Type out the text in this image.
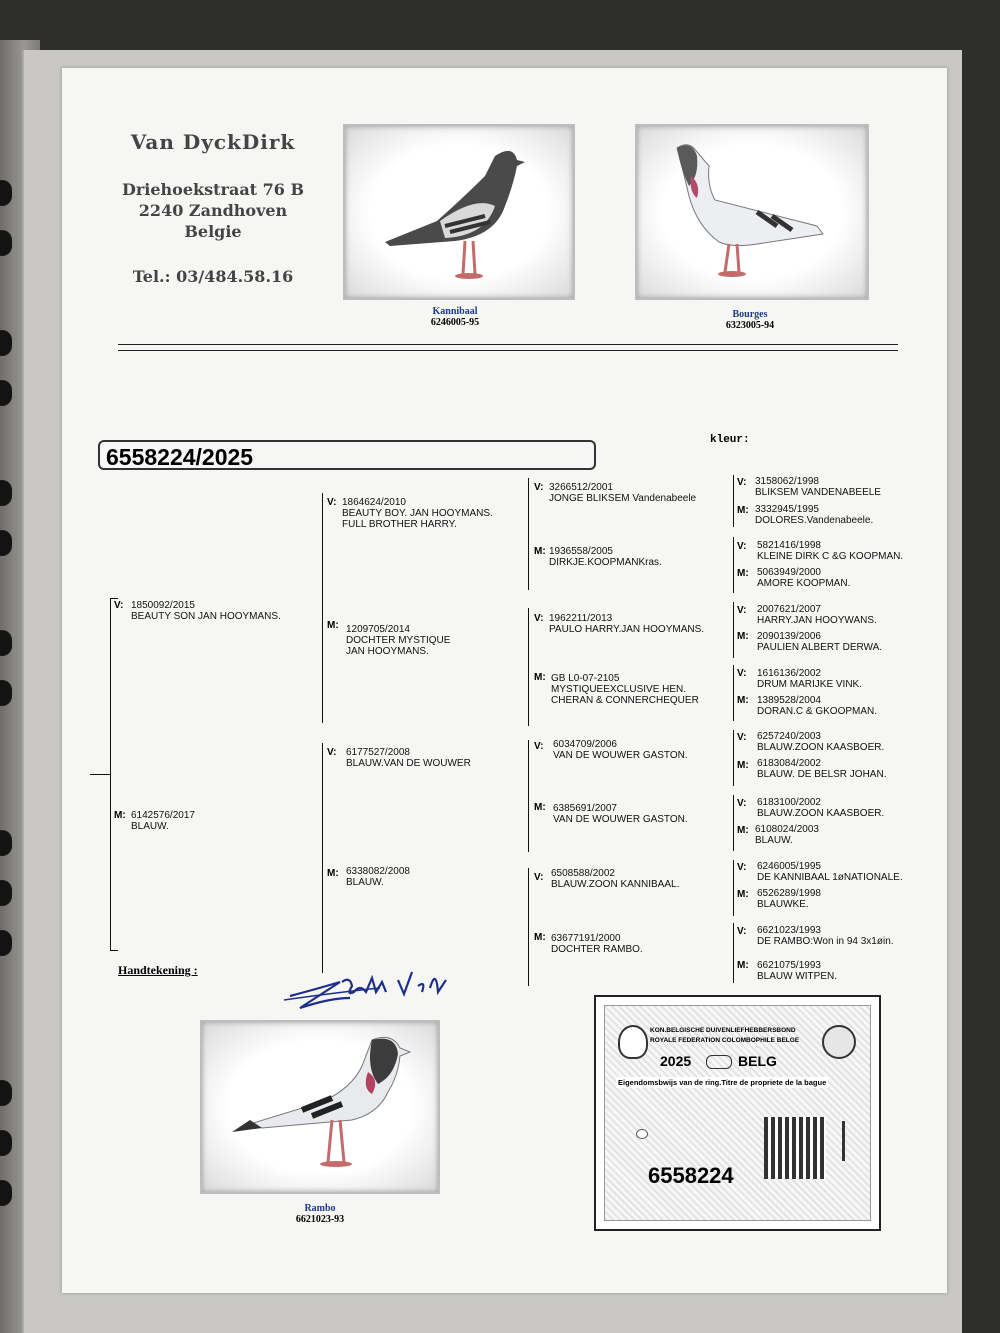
Van DyckDirk
Driehoekstraat 76 B
2240 Zandhoven
Belgie
Tel.: 03/484.58.16
Kannibaal
6246005-95
Bourges
6323005-94
6558224/2025
kleur:
V: 1850092/2015
BEAUTY SON JAN HOOYMANS.
M: 6142576/2017
BLAUW.
V: 1864624/2010
BEAUTY BOY. JAN HOOYMANS.
FULL BROTHER HARRY.
M: 1209705/2014
DOCHTER MYSTIQUE
JAN HOOYMANS.
V: 6177527/2008
BLAUW.VAN DE WOUWER
M: 6338082/2008
BLAUW.
V: 3266512/2001
JONGE BLIKSEM Vandenabeele
M: 1936558/2005
DIRKJE.KOOPMANKras.
V: 1962211/2013
PAULO HARRY.JAN HOOYMANS.
M: GB L0-07-2105
MYSTIQUEEXCLUSIVE HEN.
CHERAN & CONNERCHEQUER
V: 6034709/2006
VAN DE WOUWER GASTON.
M: 6385691/2007
VAN DE WOUWER GASTON.
V: 6508588/2002
BLAUW.ZOON KANNIBAAL.
M: 63677191/2000
DOCHTER RAMBO.
V: 3158062/1998
BLIKSEM VANDENABEELE
M: 3332945/1995
DOLORES.Vandenabeele.
V: 5821416/1998
KLEINE DIRK C &G KOOPMAN.
M: 5063949/2000
AMORE KOOPMAN.
V: 2007621/2007
HARRY.JAN HOOYWANS.
M: 2090139/2006
PAULIEN ALBERT DERWA.
V: 1616136/2002
DRUM MARIJKE VINK.
M: 1389528/2004
DORAN.C & GKOOPMAN.
V: 6257240/2003
BLAUW.ZOON KAASBOER.
M: 6183084/2002
BLAUW. DE BELSR JOHAN.
V: 6183100/2002
BLAUW.ZOON KAASBOER.
M: 6108024/2003
BLAUW.
V: 6246005/1995
DE KANNIBAAL 1øNATIONALE.
M: 6526289/1998
BLAUWKE.
V: 6621023/1993
DE RAMBO:Won in 94 3x1øin.
M: 6621075/1993
BLAUW WITPEN.
Handtekening :
Rambo
6621023-93
KON.BELGISCHE DUIVENLIEFHEBBERSBOND
ROYALE FEDERATION COLOMBOPHILE BELGE
2025	BELG
Eigendomsbwijs van de ring.Titre de propriete de la bague
6558224
